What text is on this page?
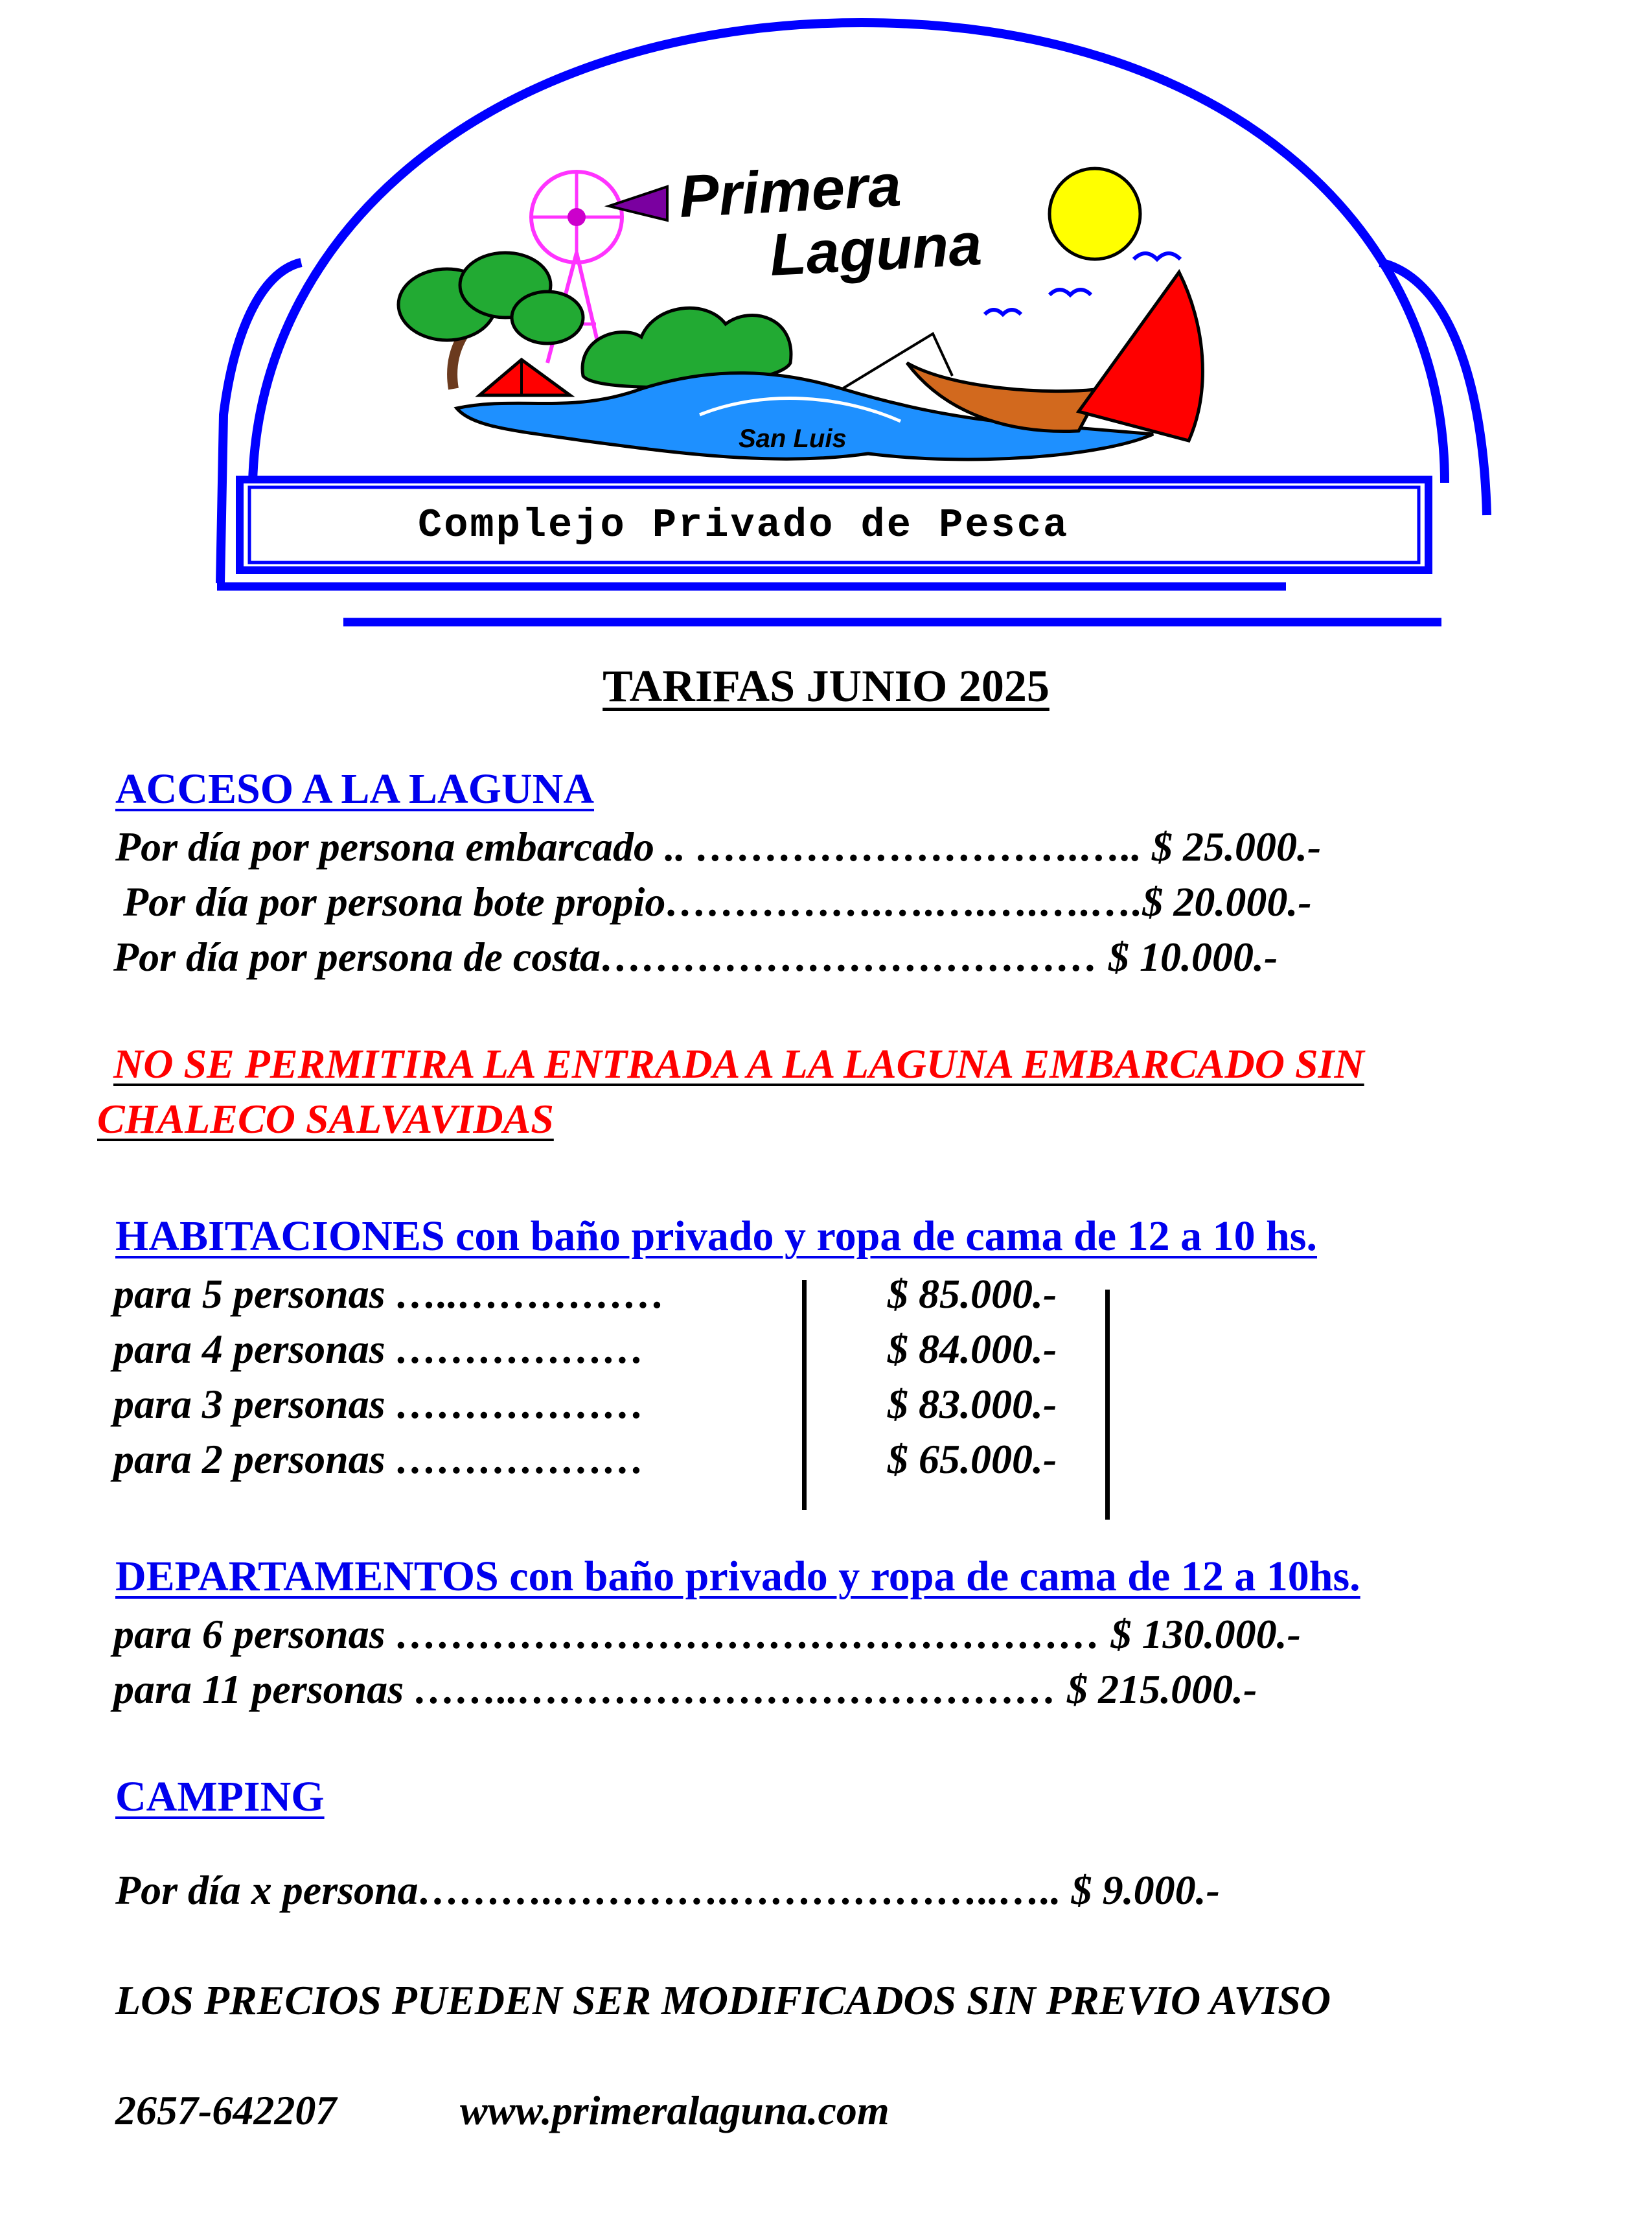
Primera
Laguna
San Luis
Complejo Privado de Pesca
TARIFAS JUNIO 2025
ACCESO A LA LAGUNA
Por día por persona embarcado .. ……………………….….. $ 25.000.-
Por día por persona bote propio…………….….….….….….$ 20.000.-
Por día por persona de costa……………………………… $ 10.000.-
NO SE PERMITIRA LA ENTRADA A LA LAGUNA EMBARCADO SIN
CHALECO SALVAVIDAS
HABITACIONES con baño privado y ropa de cama de 12 a 10 hs.
para 5 personas …..……………	$ 85.000.-
para 4 personas ………………	$ 84.000.-
para 3 personas ………………	$ 83.000.-
para 2 personas ………………	$ 65.000.-
DEPARTAMENTOS con baño privado y ropa de cama de 12 a 10hs.
para 6 personas …………………………………………… $ 130.000.-
para 11 personas ……..………………………………… $ 215.000.-
CAMPING
Por día x persona……….………….………………..….. $ 9.000.-
LOS PRECIOS PUEDEN SER MODIFICADOS SIN PREVIO AVISO
2657-642207	www.primeralaguna.com
